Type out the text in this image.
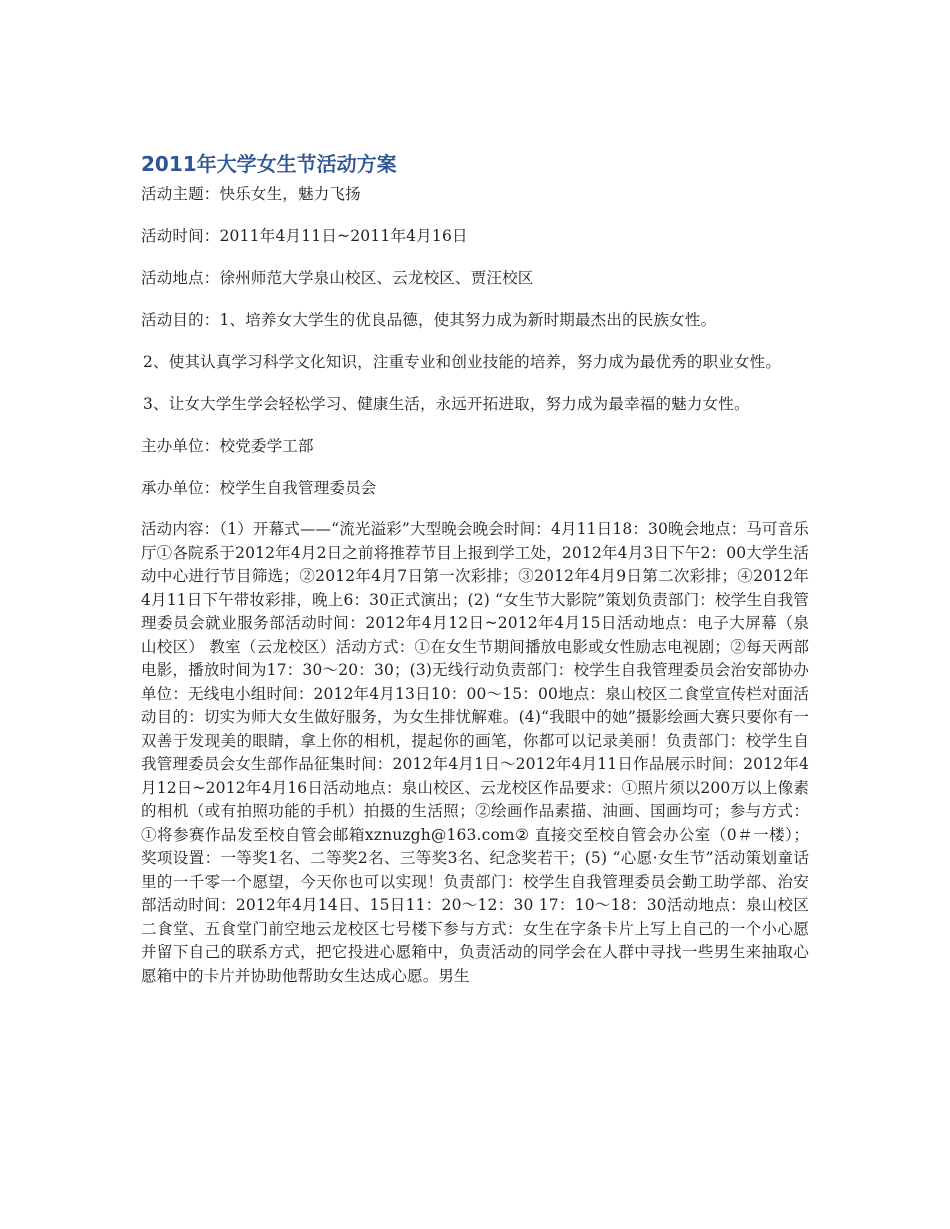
2011年大学女生节活动方案

活动主题：快乐女生，魅力飞扬

活动时间：2011年4月11日~2011年4月16日

活动地点：徐州师范大学泉山校区、云龙校区、贾汪校区

活动目的：1、培养女大学生的优良品德，使其努力成为新时期最杰出的民族女性。

2、使其认真学习科学文化知识，注重专业和创业技能的培养，努力成为最优秀的职业女性。

3、让女大学生学会轻松学习、健康生活，永远开拓进取，努力成为最幸福的魅力女性。

主办单位：校党委学工部

承办单位：校学生自我管理委员会

活动内容：（1）开幕式——“流光溢彩”大型晚会晚会时间：4月11日18：30晚会地点：马可音乐厅①各院系于2012年4月2日之前将推荐节目上报到学工处，2012年4月3日下午2：00大学生活动中心进行节目筛选；②2012年4月7日第一次彩排；③2012年4月9日第二次彩排；④2012年4月11日下午带妆彩排，晚上6：30正式演出；(2) “女生节大影院”策划负责部门：校学生自我管理委员会就业服务部活动时间：2012年4月12日~2012年4月15日活动地点：电子大屏幕（泉山校区） 教室（云龙校区）活动方式：①在女生节期间播放电影或女性励志电视剧；②每天两部电影，播放时间为17：30～20：30；(3)无线行动负责部门：校学生自我管理委员会治安部协办单位：无线电小组时间：2012年4月13日10：00～15：00地点：泉山校区二食堂宣传栏对面活动目的：切实为师大女生做好服务，为女生排忧解难。(4)“我眼中的她”摄影绘画大赛只要你有一双善于发现美的眼睛，拿上你的相机，提起你的画笔，你都可以记录美丽！负责部门：校学生自我管理委员会女生部作品征集时间：2012年4月1日～2012年4月11日作品展示时间：2012年4月12日~2012年4月16日活动地点：泉山校区、云龙校区作品要求：①照片须以200万以上像素的相机（或有拍照功能的手机）拍摄的生活照；②绘画作品素描、油画、国画均可；参与方式：①将参赛作品发至校自管会邮箱xznuzgh@163.com② 直接交至校自管会办公室（0＃一楼）；奖项设置：一等奖1名、二等奖2名、三等奖3名、纪念奖若干；(5) “心愿·女生节”活动策划童话里的一千零一个愿望，今天你也可以实现！负责部门：校学生自我管理委员会勤工助学部、治安部活动时间：2012年4月14日、15日11：20～12：30 17：10～18：30活动地点：泉山校区二食堂、五食堂门前空地云龙校区七号楼下参与方式：女生在字条卡片上写上自己的一个小心愿并留下自己的联系方式，把它投进心愿箱中，负责活动的同学会在人群中寻找一些男生来抽取心愿箱中的卡片并协助他帮助女生达成心愿。男生
